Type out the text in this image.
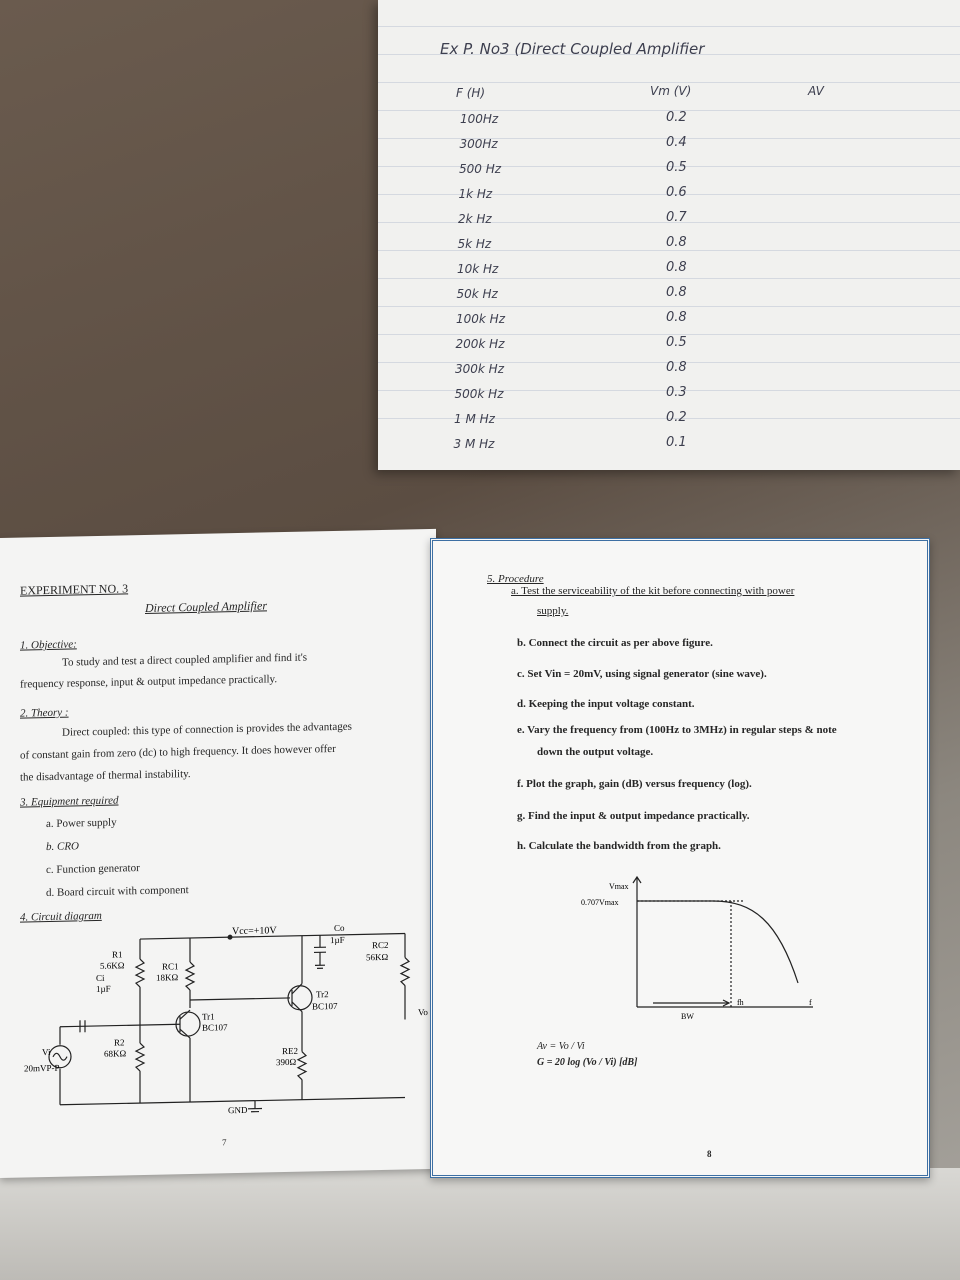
Ex P. No3 (Direct Coupled Amplifier
F (H)	Vm (V)	AV
100Hz	0.2
300Hz	0.4
500 Hz	0.5
1k Hz	0.6
2k Hz	0.7
5k Hz	0.8
10k Hz	0.8
50k Hz	0.8
100k Hz	0.8
200k Hz	0.5
300k Hz	0.8
500k Hz	0.3
1 M Hz	0.2
3 M Hz	0.1
EXPERIMENT NO. 3
Direct Coupled Amplifier
1. Objective:
To study and test a direct coupled amplifier and find it's
frequency response, input & output impedance practically.
2. Theory :
Direct coupled: this type of connection is provides the advantages
of constant gain from zero (dc) to high frequency. It does however offer
the disadvantage of thermal instability.
3. Equipment required
a. Power supply
b. CRO
c. Function generator
d. Board circuit with component
4. Circuit diagram
Vcc=+10V
R1
5.6KΩ
Ci
1µF
RC1
18KΩ
Co
1µF	RC2
56KΩ
Tr1
BC107
Tr2
BC107
R2
68KΩ	RE2
390Ω
Vi
20mVP-P
Vo
GND
7
5. Procedure
a. Test the serviceability of the kit before connecting with power
supply.
b. Connect the circuit as per above figure.
c. Set Vin = 20mV, using signal generator (sine wave).
d. Keeping the input voltage constant.
e. Vary the frequency from (100Hz to 3MHz) in regular steps & note
down the output voltage.
f. Plot the graph, gain (dB) versus frequency (log).
g. Find the input & output impedance practically.
h. Calculate the bandwidth from the graph.
Vmax
0.707Vmax
BW
fh	f
Av = Vo / Vi
G = 20 log (Vo / Vi) [dB]
8
